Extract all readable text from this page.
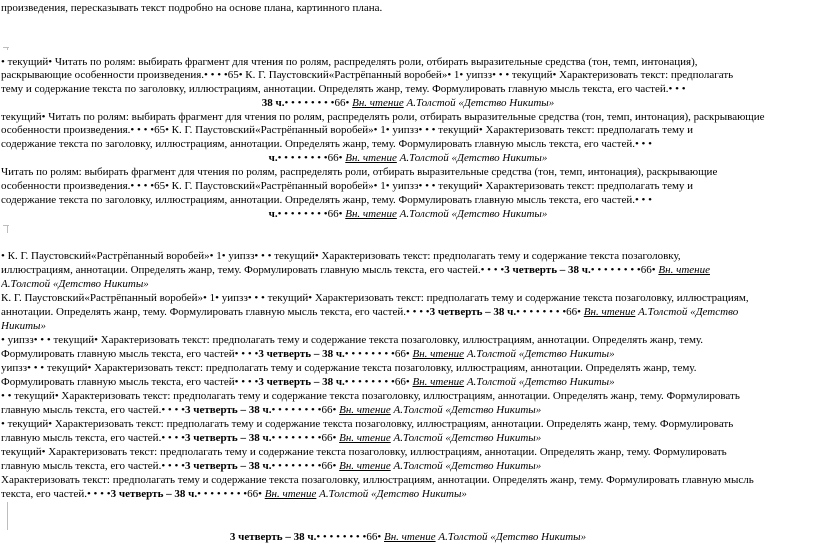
произведения, пересказывать текст подробно на основе плана, картинного плана.
• текущий• Читать по ролям: выбирать фрагмент для чтения по ролям, распределять роли, отбирать выразительные средства (тон, темп, интонация),
раскрывающие особенности произведения.• • • •65• К. Г. Паустовский«Растрёпанный воробей»• 1• уипзз• • • текущий• Характеризовать текст: предполагать
тему и содержание текста по заголовку, иллюстрациям, аннотации. Определять жанр, тему. Формулировать главную мысль текста, его частей.• • •
38 ч.• • • • • • • •66• Вн. чтение А.Толстой «Детство Никиты»
текущий• Читать по ролям: выбирать фрагмент для чтения по ролям, распределять роли, отбирать выразительные средства (тон, темп, интонация), раскрывающие
особенности произведения.• • • •65• К. Г. Паустовский«Растрёпанный воробей»• 1• уипзз• • • текущий• Характеризовать текст: предполагать тему и
содержание текста по заголовку, иллюстрациям, аннотации. Определять жанр, тему. Формулировать главную мысль текста, его частей.• • •
ч.• • • • • • • •66• Вн. чтение А.Толстой «Детство Никиты»
Читать по ролям: выбирать фрагмент для чтения по ролям, распределять роли, отбирать выразительные средства (тон, темп, интонация), раскрывающие
особенности произведения.• • • •65• К. Г. Паустовский«Растрёпанный воробей»• 1• уипзз• • • текущий• Характеризовать текст: предполагать тему и
содержание текста по заголовку, иллюстрациям, аннотации. Определять жанр, тему. Формулировать главную мысль текста, его частей.• • •
ч.• • • • • • • •66• Вн. чтение А.Толстой «Детство Никиты»
• К. Г. Паустовский«Растрёпанный воробей»• 1• уипзз• • • текущий• Характеризовать текст: предполагать тему и содержание текста позаголовку,
иллюстрациям, аннотации. Определять жанр, тему. Формулировать главную мысль текста, его частей.• • • •3 четверть – 38 ч.• • • • • • • •66• Вн. чтение
А.Толстой «Детство Никиты»
К. Г. Паустовский«Растрёпанный воробей»• 1• уипзз• • • текущий• Характеризовать текст: предполагать тему и содержание текста позаголовку, иллюстрациям,
аннотации. Определять жанр, тему. Формулировать главную мысль текста, его частей.• • • •3 четверть – 38 ч.• • • • • • • •66• Вн. чтение А.Толстой «Детство
Никиты»
• уипзз• • • текущий• Характеризовать текст: предполагать тему и содержание текста позаголовку, иллюстрациям, аннотации. Определять жанр, тему.
Формулировать главную мысль текста, его частей• • • •3 четверть – 38 ч.• • • • • • • •66• Вн. чтение А.Толстой «Детство Никиты»
уипзз• • • текущий• Характеризовать текст: предполагать тему и содержание текста позаголовку, иллюстрациям, аннотации. Определять жанр, тему.
Формулировать главную мысль текста, его частей• • • •3 четверть – 38 ч.• • • • • • • •66• Вн. чтение А.Толстой «Детство Никиты»
• • текущий• Характеризовать текст: предполагать тему и содержание текста позаголовку, иллюстрациям, аннотации. Определять жанр, тему. Формулировать
главную мысль текста, его частей.• • • •3 четверть – 38 ч.• • • • • • • •66• Вн. чтение А.Толстой «Детство Никиты»
• текущий• Характеризовать текст: предполагать тему и содержание текста позаголовку, иллюстрациям, аннотации. Определять жанр, тему. Формулировать
главную мысль текста, его частей.• • • •3 четверть – 38 ч.• • • • • • • •66• Вн. чтение А.Толстой «Детство Никиты»
текущий• Характеризовать текст: предполагать тему и содержание текста позаголовку, иллюстрациям, аннотации. Определять жанр, тему. Формулировать
главную мысль текста, его частей.• • • •3 четверть – 38 ч.• • • • • • • •66• Вн. чтение А.Толстой «Детство Никиты»
Характеризовать текст: предполагать тему и содержание текста позаголовку, иллюстрациям, аннотации. Определять жанр, тему. Формулировать главную мысль
текста, его частей.• • • •3 четверть – 38 ч.• • • • • • • •66• Вн. чтение А.Толстой «Детство Никиты»
3 четверть – 38 ч.• • • • • • • •66• Вн. чтение А.Толстой «Детство Никиты»
